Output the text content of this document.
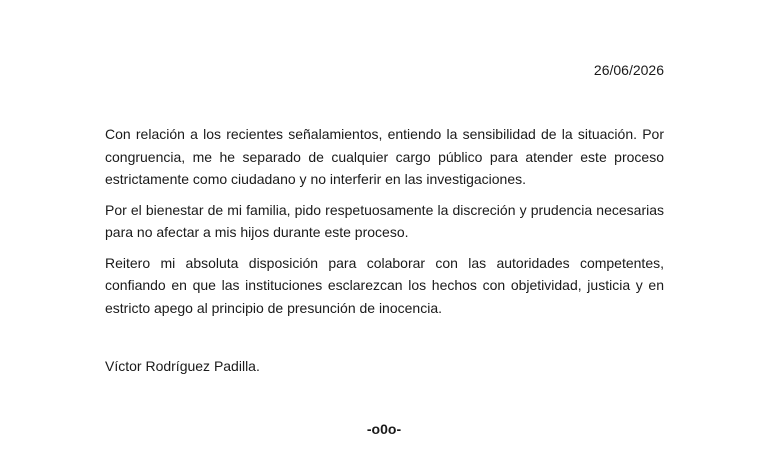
26/06/2026

Con relación a los recientes señalamientos, entiendo la sensibilidad de la situación. Por congruencia, me he separado de cualquier cargo público para atender este proceso estrictamente como ciudadano y no interferir en las investigaciones.

Por el bienestar de mi familia, pido respetuosamente la discreción y prudencia necesarias para no afectar a mis hijos durante este proceso.

Reitero mi absoluta disposición para colaborar con las autoridades competentes, confiando en que las instituciones esclarezcan los hechos con objetividad, justicia y en estricto apego al principio de presunción de inocencia.

Víctor Rodríguez Padilla.
-o0o-
